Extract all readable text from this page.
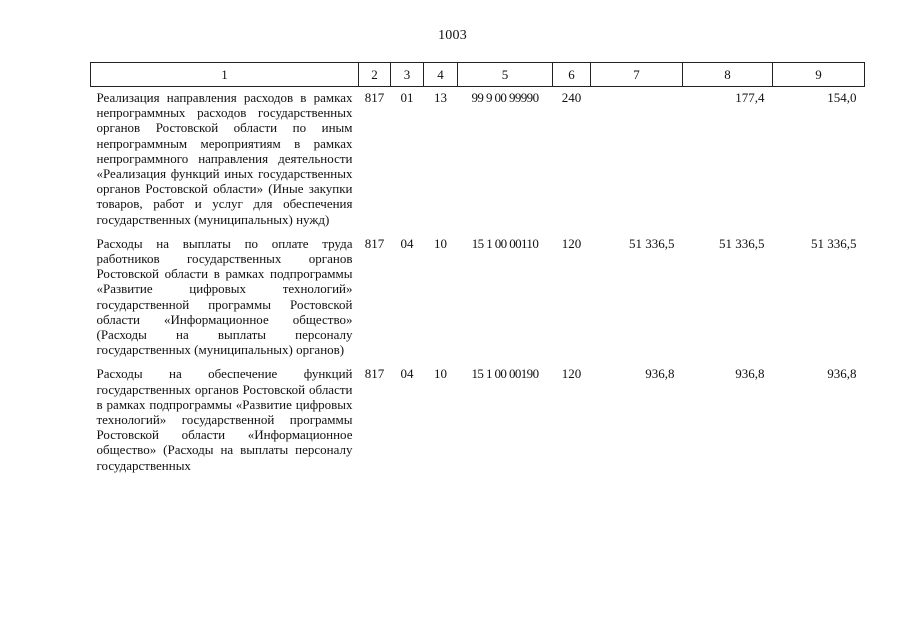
1003
1	2	3	4	5	6	7	8	9
Реализация направления расходов в рамках непрограммных расходов государственных органов Ростовской области по иным непрограммным мероприятиям в рамках непрограммного направления деятельности «Реализация функций иных государственных органов Ростовской области» (Иные закупки товаров, работ и услуг для обеспечения государственных (муниципальных) нужд)	817	01	13	99 9 00 99990	240		177,4	154,0
Расходы на выплаты по оплате труда работников государственных органов Ростовской области в рамках подпрограммы «Развитие цифровых технологий» государственной программы Ростовской области «Информационное общество» (Расходы на выплаты персоналу государственных (муниципальных) органов)	817	04	10	15 1 00 00110	120	51 336,5	51 336,5	51 336,5
Расходы на обеспечение функций государственных органов Ростовской области в рамках подпрограммы «Развитие цифровых технологий» государственной программы Ростовской области «Информационное общество» (Расходы на выплаты персоналу государственных	817	04	10	15 1 00 00190	120	936,8	936,8	936,8
